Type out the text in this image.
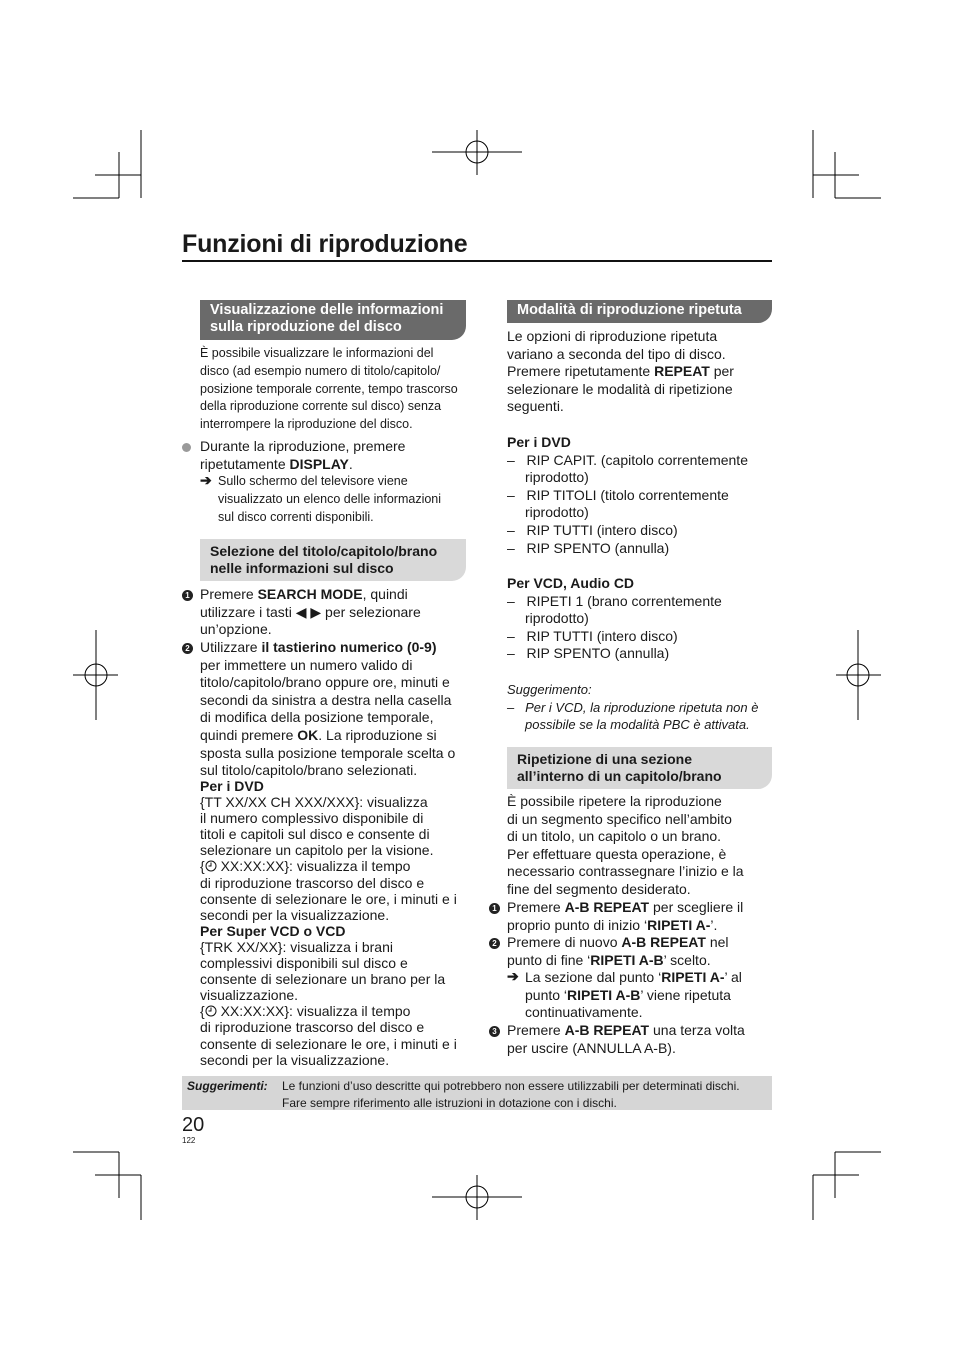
Funzioni di riproduzione
Visualizzazione delle informazioni
sulla riproduzione del disco
È possibile visualizzare le informazioni del
disco (ad esempio numero di titolo/capitolo/
posizione temporale corrente, tempo trascorso
della riproduzione corrente sul disco) senza
interrompere la riproduzione del disco.
Durante la riproduzione, premere
ripetutamente DISPLAY.
➔ Sullo schermo del televisore viene
visualizzato un elenco delle informazioni
sul disco correnti disponibili.
Selezione del titolo/capitolo/brano
nelle informazioni sul disco
1 Premere SEARCH MODE, quindi
utilizzare i tasti ◀ ▶ per selezionare
un’opzione.
2 Utilizzare il tastierino numerico (0-9)
per immettere un numero valido di
titolo/capitolo/brano oppure ore, minuti e
secondi da sinistra a destra nella casella
di modifica della posizione temporale,
quindi premere OK. La riproduzione si
sposta sulla posizione temporale scelta o
sul titolo/capitolo/brano selezionati.
Per i DVD
{TT XX/XX CH XXX/XXX}: visualizza
il numero complessivo disponibile di
titoli e capitoli sul disco e consente di
selezionare un capitolo per la visione.
{ XX:XX:XX}: visualizza il tempo
di riproduzione trascorso del disco e
consente di selezionare le ore, i minuti e i
secondi per la visualizzazione.
Per Super VCD o VCD
{TRK XX/XX}: visualizza i brani
complessivi disponibili sul disco e
consente di selezionare un brano per la
visualizzazione.
{ XX:XX:XX}: visualizza il tempo
di riproduzione trascorso del disco e
consente di selezionare le ore, i minuti e i
secondi per la visualizzazione.
Modalità di riproduzione ripetuta
Le opzioni di riproduzione ripetuta
variano a seconda del tipo di disco.
Premere ripetutamente REPEAT per
selezionare le modalità di ripetizione
seguenti.
Per i DVD
– RIP CAPIT. (capitolo correntemente
riprodotto)
– RIP TITOLI (titolo correntemente
riprodotto)
– RIP TUTTI (intero disco)
– RIP SPENTO (annulla)
Per VCD, Audio CD
– RIPETI 1 (brano correntemente
riprodotto)
– RIP TUTTI (intero disco)
– RIP SPENTO (annulla)
Suggerimento:
– Per i VCD, la riproduzione ripetuta non è
possibile se la modalità PBC è attivata.
Ripetizione di una sezione
all’interno di un capitolo/brano
È possibile ripetere la riproduzione
di un segmento specifico nell’ambito
di un titolo, un capitolo o un brano.
Per effettuare questa operazione, è
necessario contrassegnare l’inizio e la
fine del segmento desiderato.
1 Premere A-B REPEAT per scegliere il
proprio punto di inizio ‘RIPETI A-’.
2 Premere di nuovo A-B REPEAT nel
punto di fine ‘RIPETI A-B’ scelto.
➔ La sezione dal punto ‘RIPETI A-’ al
punto ‘RIPETI A-B’ viene ripetuta
continuativamente.
3 Premere A-B REPEAT una terza volta
per uscire (ANNULLA A-B).
Suggerimenti: Le funzioni d’uso descritte qui potrebbero non essere utilizzabili per determinati dischi.
Fare sempre riferimento alle istruzioni in dotazione con i dischi.
20
122
